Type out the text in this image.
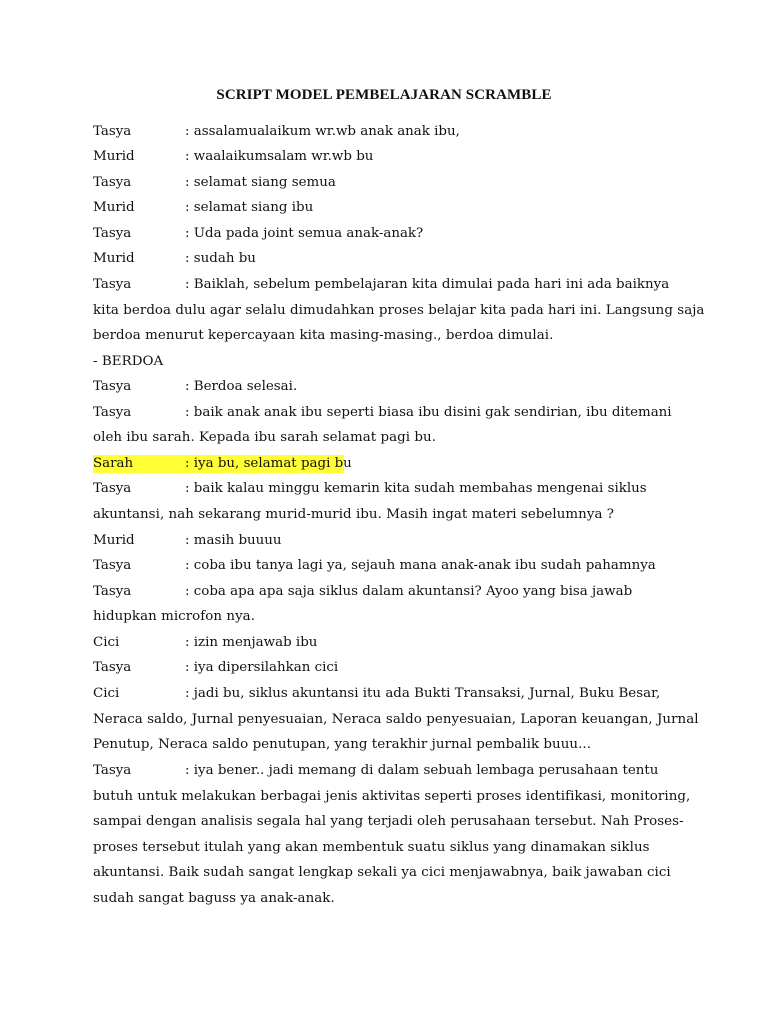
SCRIPT MODEL PEMBELAJARAN SCRAMBLE
Tasya	: assalamualaikum wr.wb anak anak ibu,
Murid	: waalaikumsalam wr.wb bu
Tasya	: selamat siang semua
Murid	: selamat siang ibu
Tasya	: Uda pada joint semua anak-anak?
Murid	: sudah bu
Tasya	: Baiklah, sebelum pembelajaran kita dimulai pada hari ini ada baiknya
kita berdoa dulu agar selalu dimudahkan proses belajar kita pada hari ini. Langsung saja
berdoa menurut kepercayaan kita masing-masing., berdoa dimulai.
- BERDOA
Tasya	: Berdoa selesai.
Tasya	: baik anak anak ibu seperti biasa ibu disini gak sendirian, ibu ditemani
oleh ibu sarah. Kepada ibu sarah selamat pagi bu.
Sarah	: iya bu, selamat pagi bu
Tasya	: baik kalau minggu kemarin kita sudah membahas mengenai siklus
akuntansi, nah sekarang murid-murid ibu. Masih ingat materi sebelumnya ?
Murid	: masih buuuu
Tasya	: coba ibu tanya lagi ya, sejauh mana anak-anak ibu sudah pahamnya
Tasya	: coba apa apa saja siklus dalam akuntansi? Ayoo yang bisa jawab
hidupkan microfon nya.
Cici	: izin menjawab ibu
Tasya	: iya dipersilahkan cici
Cici	: jadi bu, siklus akuntansi itu ada Bukti Transaksi, Jurnal, Buku Besar,
Neraca saldo, Jurnal penyesuaian, Neraca saldo penyesuaian, Laporan keuangan, Jurnal
Penutup, Neraca saldo penutupan, yang terakhir jurnal pembalik buuu...
Tasya	: iya bener.. jadi memang di dalam sebuah lembaga perusahaan tentu
butuh untuk melakukan berbagai jenis aktivitas seperti proses identifikasi, monitoring,
sampai dengan analisis segala hal yang terjadi oleh perusahaan tersebut. Nah Proses-
proses tersebut itulah yang akan membentuk suatu siklus yang dinamakan siklus
akuntansi. Baik sudah sangat lengkap sekali ya cici menjawabnya, baik jawaban cici
sudah sangat baguss ya anak-anak.
